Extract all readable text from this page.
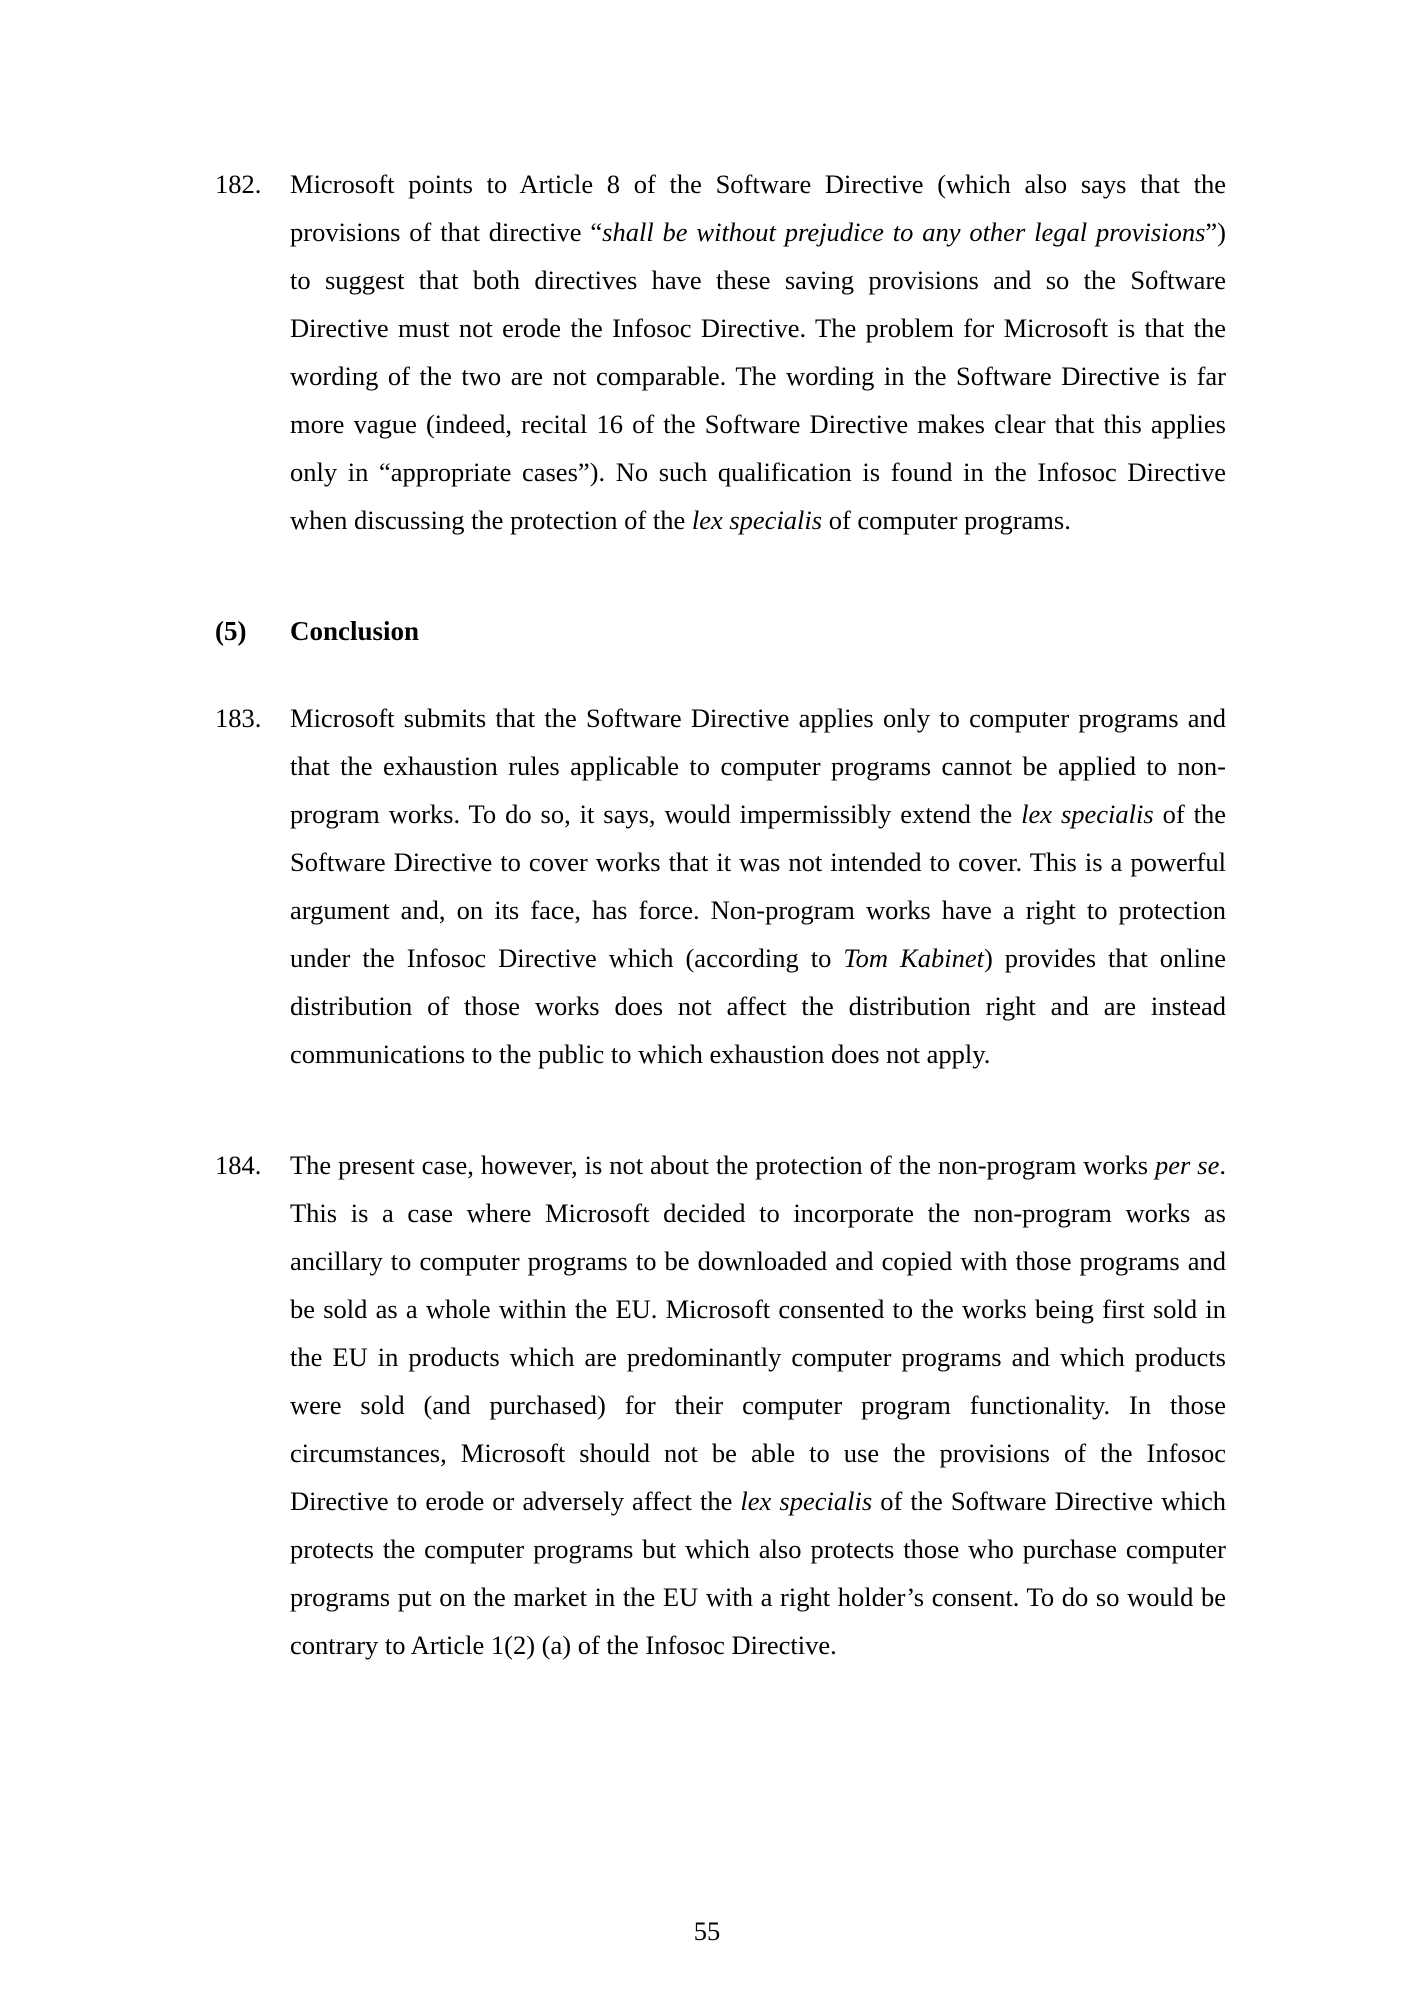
182.	Microsoft points to Article 8 of the Software Directive (which also says that the provisions of that directive “shall be without prejudice to any other legal provisions”) to suggest that both directives have these saving provisions and so the Software Directive must not erode the Infosoc Directive. The problem for Microsoft is that the wording of the two are not comparable. The wording in the Software Directive is far more vague (indeed, recital 16 of the Software Directive makes clear that this applies only in “appropriate cases”). No such qualification is found in the Infosoc Directive when discussing the protection of the lex specialis of computer programs.
(5)	Conclusion
183.	Microsoft submits that the Software Directive applies only to computer programs and that the exhaustion rules applicable to computer programs cannot be applied to non-program works. To do so, it says, would impermissibly extend the lex specialis of the Software Directive to cover works that it was not intended to cover. This is a powerful argument and, on its face, has force. Non-program works have a right to protection under the Infosoc Directive which (according to Tom Kabinet) provides that online distribution of those works does not affect the distribution right and are instead communications to the public to which exhaustion does not apply.
184.	The present case, however, is not about the protection of the non-program works per se. This is a case where Microsoft decided to incorporate the non-program works as ancillary to computer programs to be downloaded and copied with those programs and be sold as a whole within the EU. Microsoft consented to the works being first sold in the EU in products which are predominantly computer programs and which products were sold (and purchased) for their computer program functionality. In those circumstances, Microsoft should not be able to use the provisions of the Infosoc Directive to erode or adversely affect the lex specialis of the Software Directive which protects the computer programs but which also protects those who purchase computer programs put on the market in the EU with a right holder’s consent. To do so would be contrary to Article 1(2) (a) of the Infosoc Directive.
55
